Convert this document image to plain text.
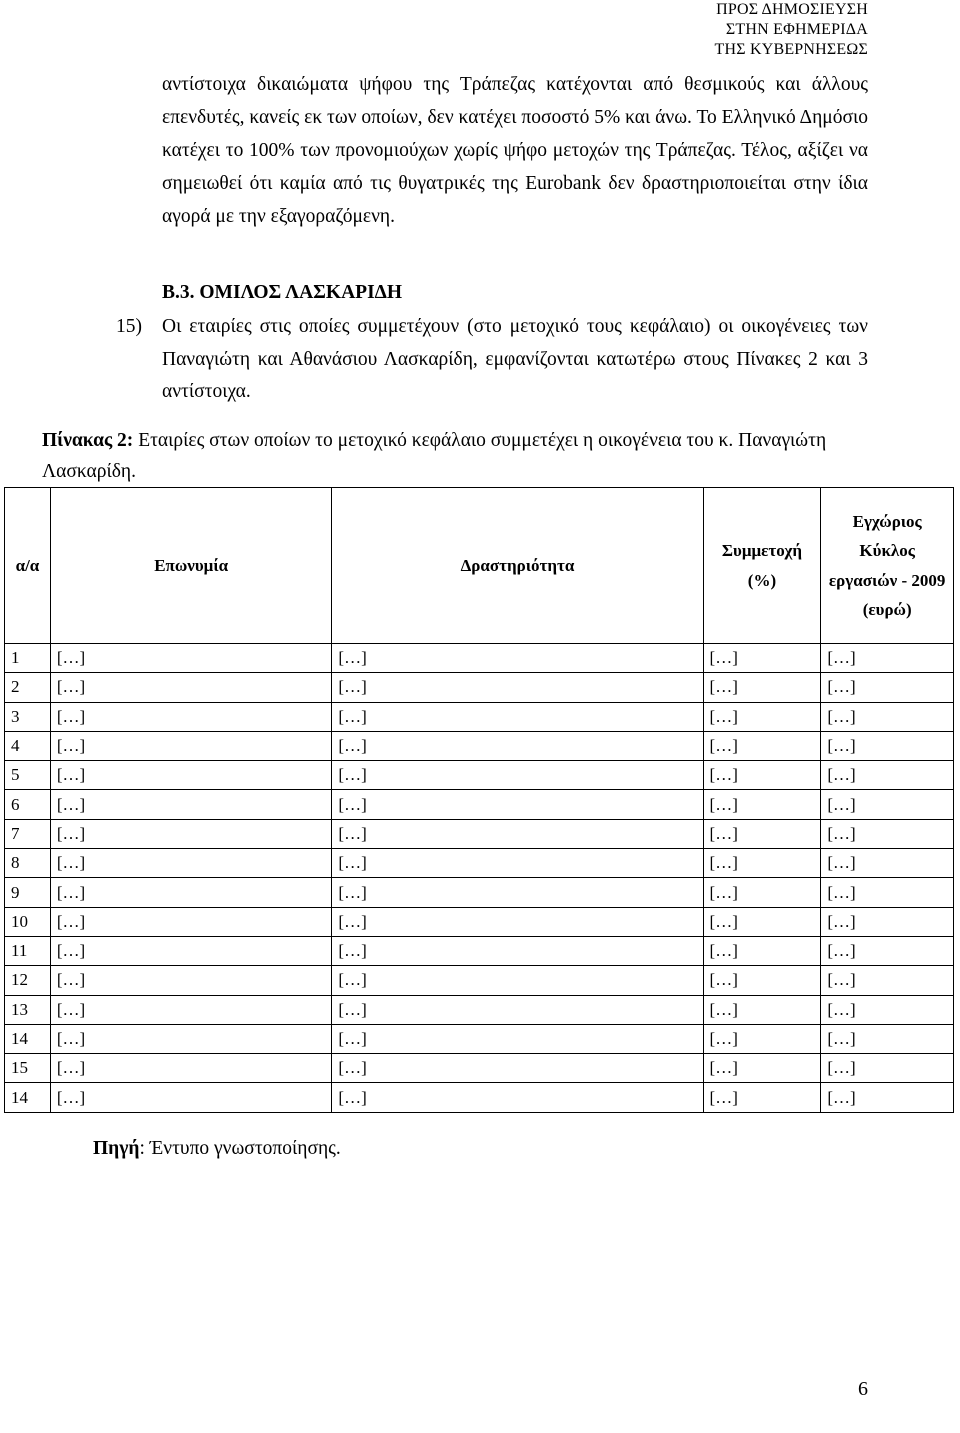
ΠΡΟΣ ΔΗΜΟΣΙΕΥΣΗ
ΣΤΗΝ ΕΦΗΜΕΡΙΔΑ
ΤΗΣ ΚΥΒΕΡΝΗΣΕΩΣ
αντίστοιχα δικαιώματα ψήφου της Τράπεζας κατέχονται από θεσμικούς και άλλους επενδυτές, κανείς εκ των οποίων, δεν κατέχει ποσοστό 5% και άνω. Το Ελληνικό Δημόσιο κατέχει το 100% των προνομιούχων χωρίς ψήφο μετοχών της Τράπεζας. Τέλος, αξίζει να σημειωθεί ότι καμία από τις θυγατρικές της Eurobank δεν δραστηριοποιείται στην ίδια αγορά με την εξαγοραζόμενη.
Β.3. ΟΜΙΛΟΣ ΛΑΣΚΑΡΙΔΗ
15) Οι εταιρίες στις οποίες συμμετέχουν (στο μετοχικό τους κεφάλαιο) οι οικογένειες των Παναγιώτη και Αθανάσιου Λασκαρίδη, εμφανίζονται κατωτέρω στους Πίνακες 2 και 3 αντίστοιχα.
Πίνακας 2: Εταιρίες στων οποίων το μετοχικό κεφάλαιο συμμετέχει η οικογένεια του κ. Παναγιώτη Λασκαρίδη.
α/α	Επωνυμία	Δραστηριότητα	Συμμετοχή (%)	Εγχώριος Κύκλος εργασιών - 2009 (ευρώ)
1	[…]	[…]	[…]	[…]
2	[…]	[…]	[…]	[…]
3	[…]	[…]	[…]	[…]
4	[…]	[…]	[…]	[…]
5	[…]	[…]	[…]	[…]
6	[…]	[…]	[…]	[…]
7	[…]	[…]	[…]	[…]
8	[…]	[…]	[…]	[…]
9	[…]	[…]	[…]	[…]
10	[…]	[…]	[…]	[…]
11	[…]	[…]	[…]	[…]
12	[…]	[…]	[…]	[…]
13	[…]	[…]	[…]	[…]
14	[…]	[…]	[…]	[…]
15	[…]	[…]	[…]	[…]
14	[…]	[…]	[…]	[…]
Πηγή: Έντυπο γνωστοποίησης.
6
